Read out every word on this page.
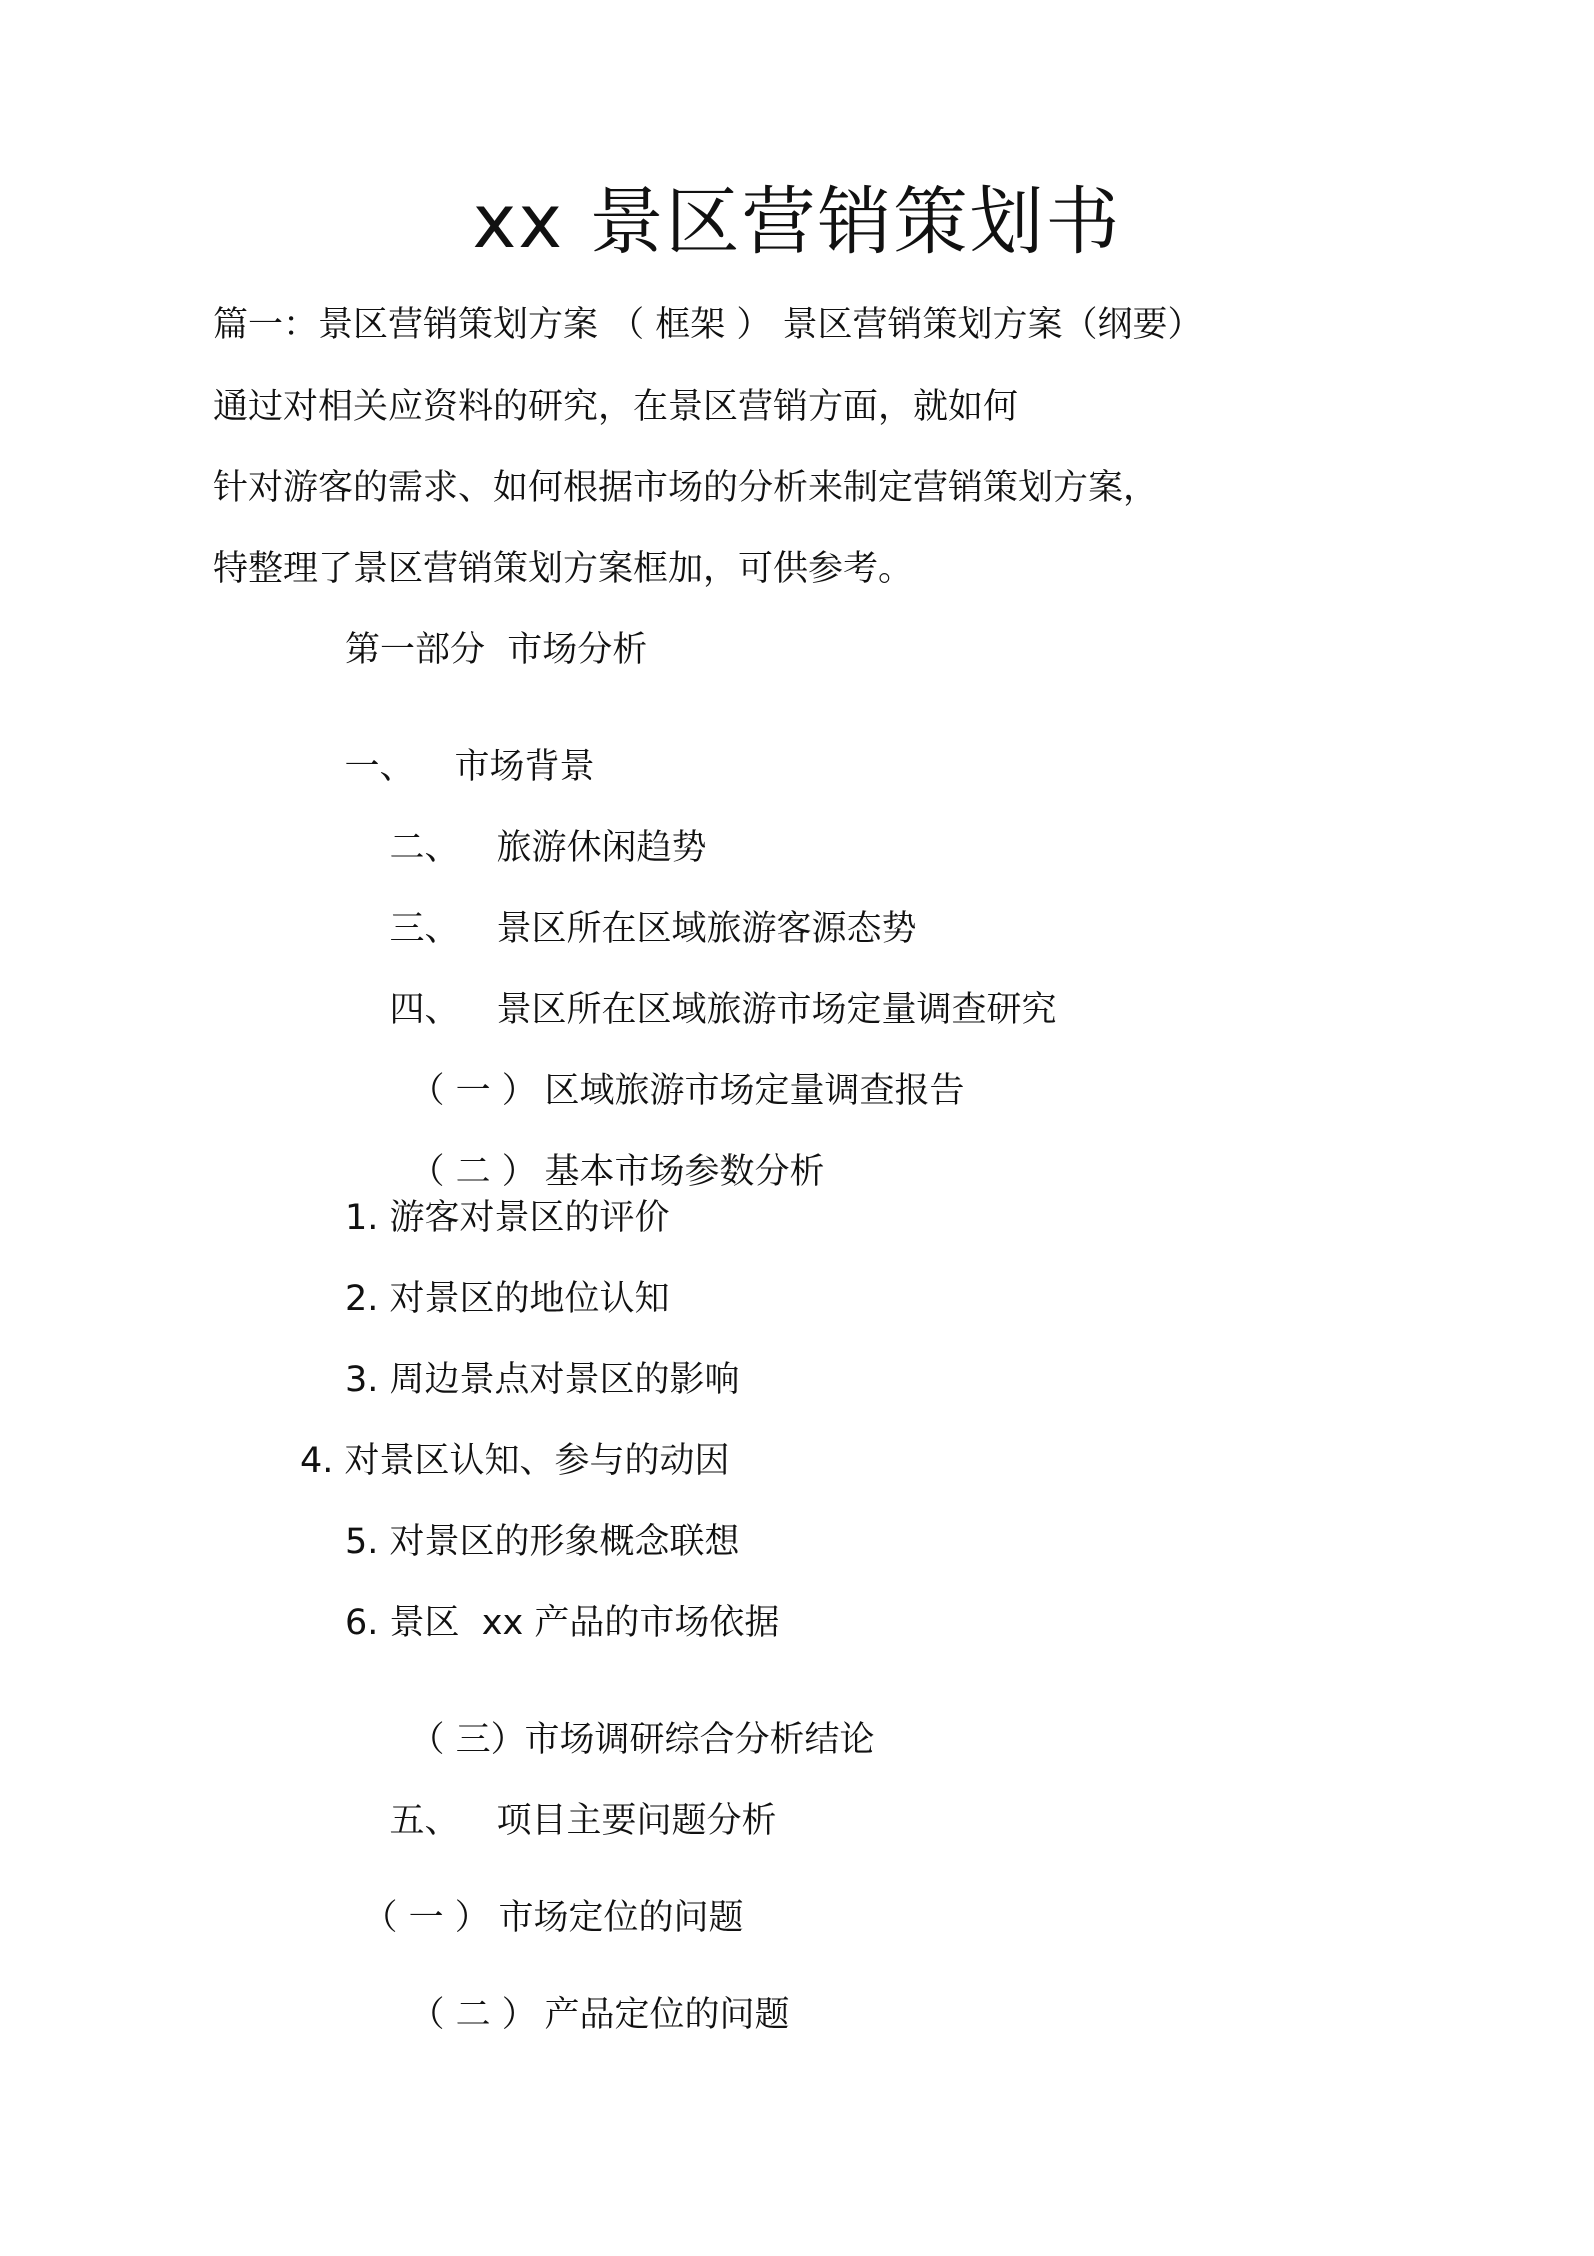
xx 景区营销策划书
篇一：景区营销策划方案 （ 框架 ） 景区营销策划方案（纲要）
通过对相关应资料的研究，在景区营销方面，就如何
针对游客的需求、如何根据市场的分析来制定营销策划方案，
特整理了景区营销策划方案框加，可供参考。
第一部分  市场分析

一、 市场背景

二、 旅游休闲趋势

三、 景区所在区域旅游客源态势

四、 景区所在区域旅游市场定量调查研究

（ 一 ） 区域旅游市场定量调查报告

（ 二 ） 基本市场参数分析

1. 游客对景区的评价
2. 对景区的地位认知
3. 周边景点对景区的影响
4. 对景区认知、参与的动因
5. 对景区的形象概念联想
6. 景区  xx 产品的市场依据

（ 三）市场调研综合分析结论

五、 项目主要问题分析

（ 一 ） 市场定位的问题

（ 二 ） 产品定位的问题
